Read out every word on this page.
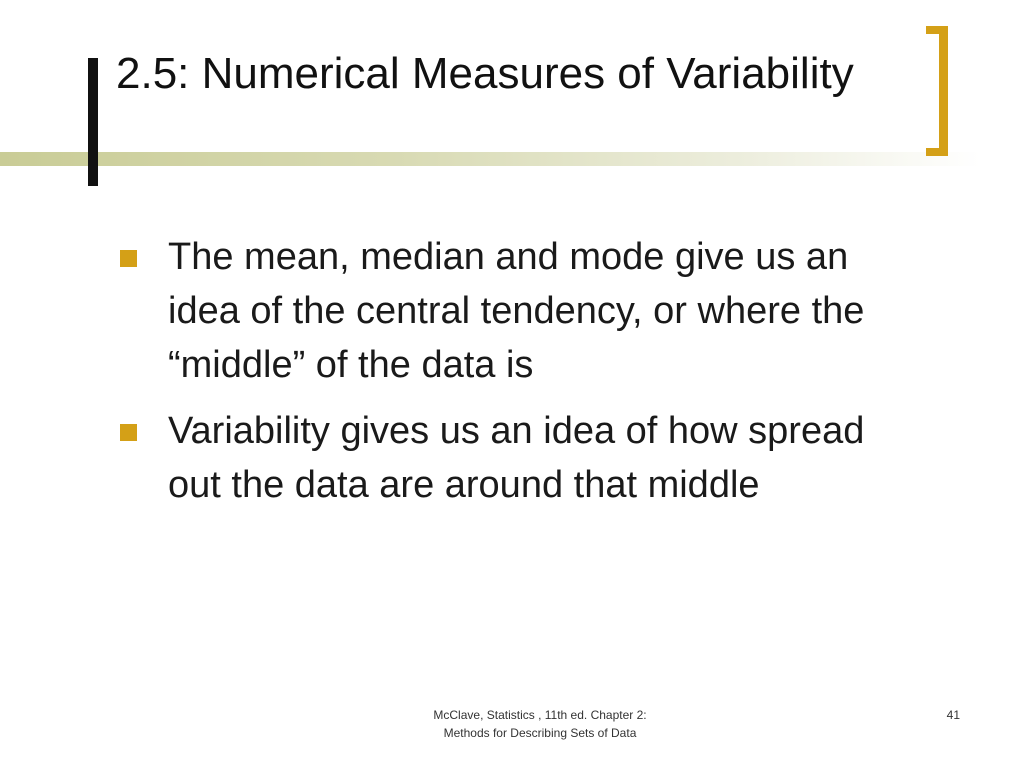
2.5: Numerical Measures of Variability
The mean, median and mode give us an idea of the central tendency, or where the “middle” of the data is
Variability gives us an idea of how spread out the data are around that middle
McClave, Statistics , 11th ed. Chapter 2:
Methods for Describing Sets of Data
41
